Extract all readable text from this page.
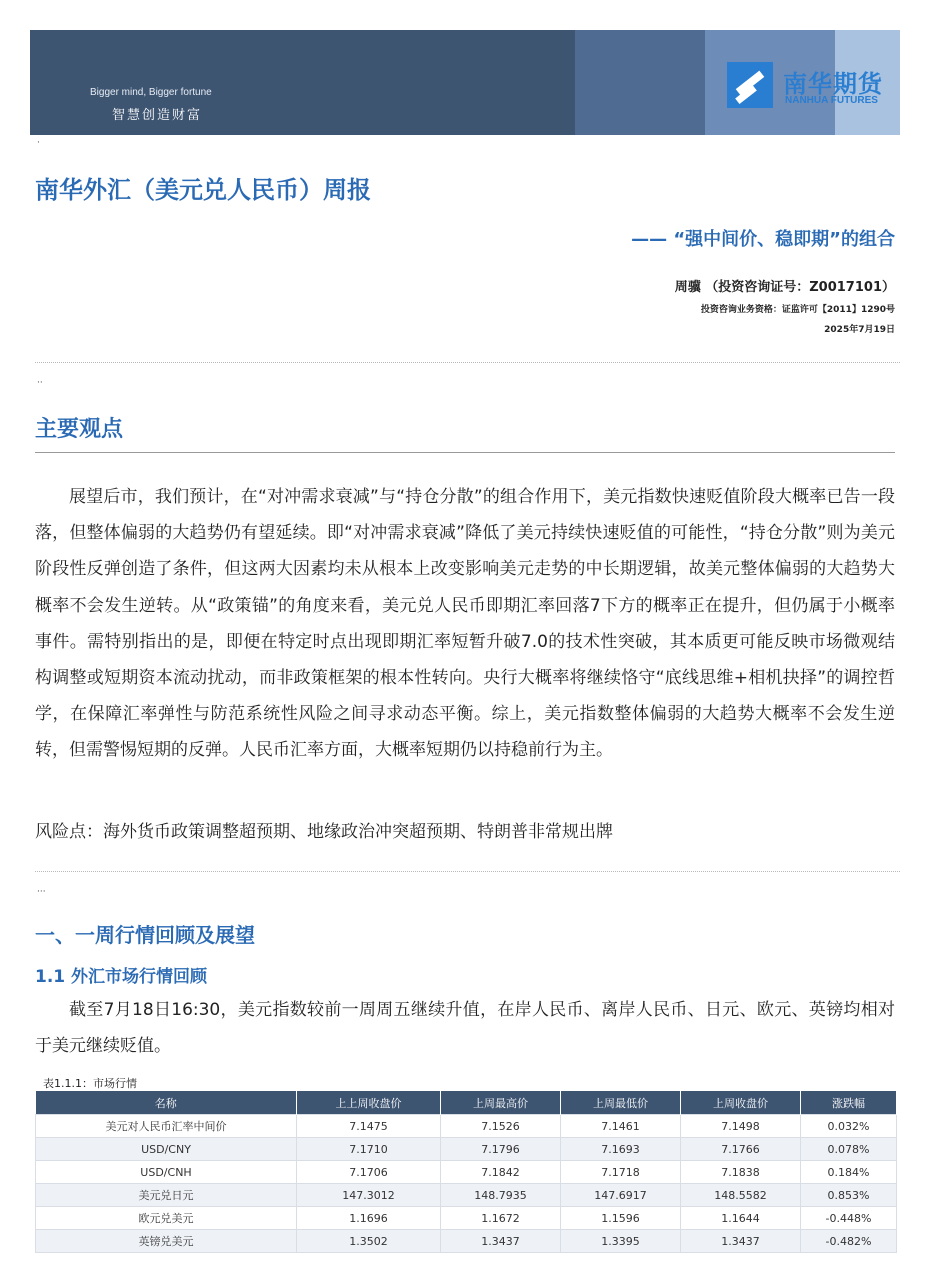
Bigger mind, Bigger fortune
智慧创造财富
南华期货
NANHUA FUTURES
·
南华外汇（美元兑人民币）周报
—— “强中间价、稳即期”的组合
周骥 （投资咨询证号：Z0017101）
投资咨询业务资格：证监许可【2011】1290号
2025年7月19日
··
主要观点
展望后市，我们预计，在“对冲需求衰减”与“持仓分散”的组合作用下，美元指数快速贬值阶段大概率已告一段落，但整体偏弱的大趋势仍有望延续。即“对冲需求衰减”降低了美元持续快速贬值的可能性，“持仓分散”则为美元阶段性反弹创造了条件，但这两大因素均未从根本上改变影响美元走势的中长期逻辑，故美元整体偏弱的大趋势大概率不会发生逆转。从“政策锚”的角度来看，美元兑人民币即期汇率回落7下方的概率正在提升，但仍属于小概率事件。需特别指出的是，即便在特定时点出现即期汇率短暂升破7.0的技术性突破，其本质更可能反映市场微观结构调整或短期资本流动扰动，而非政策框架的根本性转向。央行大概率将继续恪守“底线思维+相机抉择”的调控哲学，在保障汇率弹性与防范系统性风险之间寻求动态平衡。综上，美元指数整体偏弱的大趋势大概率不会发生逆转，但需警惕短期的反弹。人民币汇率方面，大概率短期仍以持稳前行为主。
风险点：海外货币政策调整超预期、地缘政治冲突超预期、特朗普非常规出牌
···
一、一周行情回顾及展望
1.1 外汇市场行情回顾
截至7月18日16:30，美元指数较前一周周五继续升值，在岸人民币、离岸人民币、日元、欧元、英镑均相对于美元继续贬值。
表1.1.1：市场行情
名称	上上周收盘价	上周最高价	上周最低价	上周收盘价	涨跌幅
美元对人民币汇率中间价	7.1475	7.1526	7.1461	7.1498	0.032%
USD/CNY	7.1710	7.1796	7.1693	7.1766	0.078%
USD/CNH	7.1706	7.1842	7.1718	7.1838	0.184%
美元兑日元	147.3012	148.7935	147.6917	148.5582	0.853%
欧元兑美元	1.1696	1.1672	1.1596	1.1644	-0.448%
英镑兑美元	1.3502	1.3437	1.3395	1.3437	-0.482%
